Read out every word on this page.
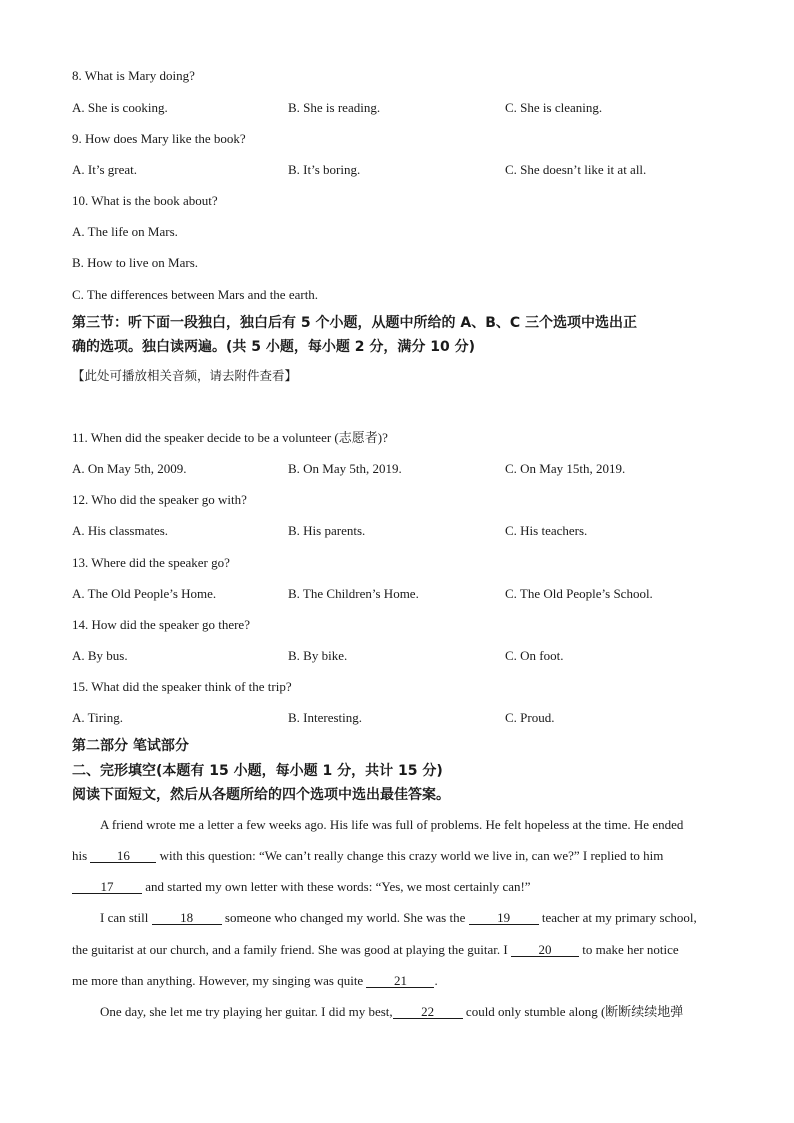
8. What is Mary doing?
A. She is cooking.	B. She is reading.	C. She is cleaning.
9. How does Mary like the book?
A. It’s great.	B. It’s boring.	C. She doesn’t like it at all.
10. What is the book about?
A. The life on Mars.
B. How to live on Mars.
C. The differences between Mars and the earth.
第三节：听下面一段独白，独白后有 5 个小题，从题中所给的 A、B、C 三个选项中选出正
确的选项。独白读两遍。(共 5 小题，每小题 2 分，满分 10 分)
【此处可播放相关音频，请去附件查看】
11. When did the speaker decide to be a volunteer (志愿者)?
A. On May 5th, 2009.	B. On May 5th, 2019.	C. On May 15th, 2019.
12. Who did the speaker go with?
A. His classmates.	B. His parents.	C. His teachers.
13. Where did the speaker go?
A. The Old People’s Home.	B. The Children’s Home.	C. The Old People’s School.
14. How did the speaker go there?
A. By bus.	B. By bike.	C. On foot.
15. What did the speaker think of the trip?
A. Tiring.	B. Interesting.	C. Proud.
第二部分 笔试部分
二、完形填空(本题有 15 小题，每小题 1 分，共计 15 分)
阅读下面短文，然后从各题所给的四个选项中选出最佳答案。
A friend wrote me a letter a few weeks ago. His life was full of problems. He felt hopeless at the time. He ended
his 16 with this question: “We can’t really change this crazy world we live in, can we?” I replied to him
17 and started my own letter with these words: “Yes, we most certainly can!”
I can still 18 someone who changed my world. She was the 19 teacher at my primary school,
the guitarist at our church, and a family friend. She was good at playing the guitar. I 20 to make her notice
me more than anything. However, my singing was quite 21 .
One day, she let me try playing her guitar. I did my best, 22 could only stumble along (断断续续地弹
